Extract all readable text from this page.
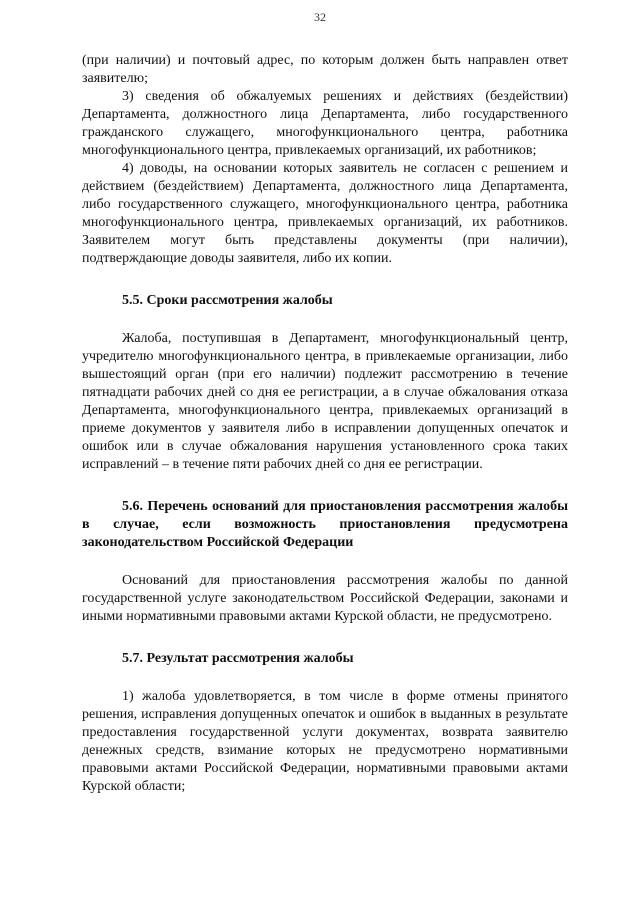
32

(при наличии) и почтовый адрес, по которым должен быть направлен ответ заявителю;

3) сведения об обжалуемых решениях и действиях (бездействии) Департамента, должностного лица Департамента, либо государственного гражданского служащего, многофункционального центра, работника многофункционального центра, привлекаемых организаций, их работников;

4) доводы, на основании которых заявитель не согласен с решением и действием (бездействием) Департамента, должностного лица Департамента, либо государственного служащего, многофункционального центра, работника многофункционального центра, привлекаемых организаций, их работников. Заявителем могут быть представлены документы (при наличии), подтверждающие доводы заявителя, либо их копии.

5.5. Сроки рассмотрения жалобы

Жалоба, поступившая в Департамент, многофункциональный центр, учредителю многофункционального центра, в привлекаемые организации, либо вышестоящий орган (при его наличии) подлежит рассмотрению в течение пятнадцати рабочих дней со дня ее регистрации, а в случае обжалования отказа Департамента, многофункционального центра, привлекаемых организаций в приеме документов у заявителя либо в исправлении допущенных опечаток и ошибок или в случае обжалования нарушения установленного срока таких исправлений – в течение пяти рабочих дней со дня ее регистрации.

5.6. Перечень оснований для приостановления рассмотрения жалобы в случае, если возможность приостановления предусмотрена законодательством Российской Федерации

Оснований для приостановления рассмотрения жалобы по данной государственной услуге законодательством Российской Федерации, законами и иными нормативными правовыми актами Курской области, не предусмотрено.

5.7. Результат рассмотрения жалобы

1) жалоба удовлетворяется, в том числе в форме отмены принятого решения, исправления допущенных опечаток и ошибок в выданных в результате предоставления государственной услуги документах, возврата заявителю денежных средств, взимание которых не предусмотрено нормативными правовыми актами Российской Федерации, нормативными правовыми актами Курской области;
